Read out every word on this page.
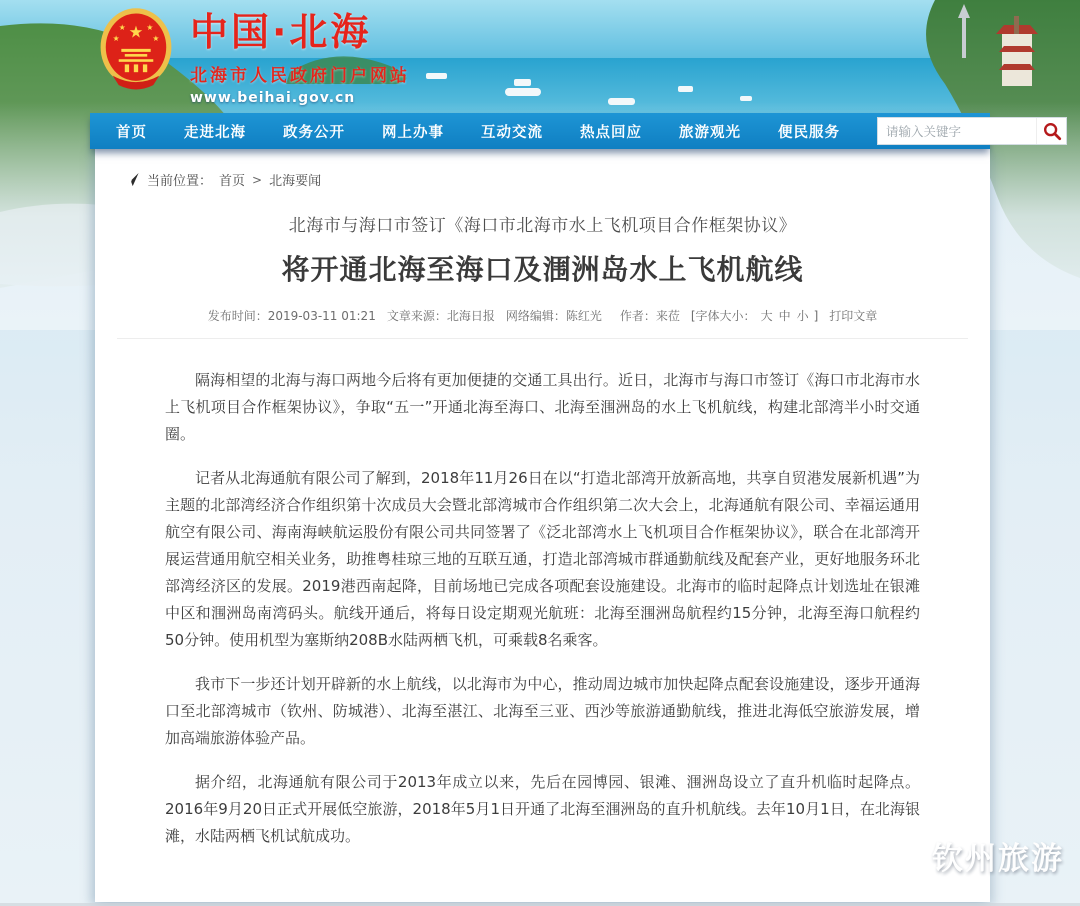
★
★ ★
★	★ 中国·北海
北海市人民政府门户网站
www.beihai.gov.cn
首页	走进北海	政务公开	网上办事	互动交流	热点回应	旅游观光	便民服务
请输入关键字
当前位置： 首页 > 北海要闻
北海市与海口市签订《海口市北海市水上飞机项目合作框架协议》
将开通北海至海口及涠洲岛水上飞机航线
发布时间：2019-03-11 01:21 文章来源：北海日报 网络编辑：陈红光 作者：来莅 [字体大小： 大 中 小 ] 打印文章

隔海相望的北海与海口两地今后将有更加便捷的交通工具出行。近日，北海市与海口市签订《海口市北海市水上飞机项目合作框架协议》，争取“五一”开通北海至海口、北海至涠洲岛的水上飞机航线，构建北部湾半小时交通圈。

记者从北海通航有限公司了解到，2018年11月26日在以“打造北部湾开放新高地，共享自贸港发展新机遇”为主题的北部湾经济合作组织第十次成员大会暨北部湾城市合作组织第二次大会上，北海通航有限公司、幸福运通用航空有限公司、海南海峡航运股份有限公司共同签署了《泛北部湾水上飞机项目合作框架协议》，联合在北部湾开展运营通用航空相关业务，助推粤桂琼三地的互联互通，打造北部湾城市群通勤航线及配套产业，更好地服务环北部湾经济区的发展。2019港西南起降，目前场地已完成各项配套设施建设。北海市的临时起降点计划选址在银滩中区和涠洲岛南湾码头。航线开通后，将每日设定期观光航班：北海至涠洲岛航程约15分钟，北海至海口航程约50分钟。使用机型为塞斯纳208B水陆两栖飞机，可乘载8名乘客。

我市下一步还计划开辟新的水上航线，以北海市为中心，推动周边城市加快起降点配套设施建设，逐步开通海口至北部湾城市（钦州、防城港）、北海至湛江、北海至三亚、西沙等旅游通勤航线，推进北海低空旅游发展，增加高端旅游体验产品。

据介绍，北海通航有限公司于2013年成立以来，先后在园博园、银滩、涠洲岛设立了直升机临时起降点。2016年9月20日正式开展低空旅游，2018年5月1日开通了北海至涠洲岛的直升机航线。去年10月1日，在北海银滩，水陆两栖飞机试航成功。

钦州旅游
